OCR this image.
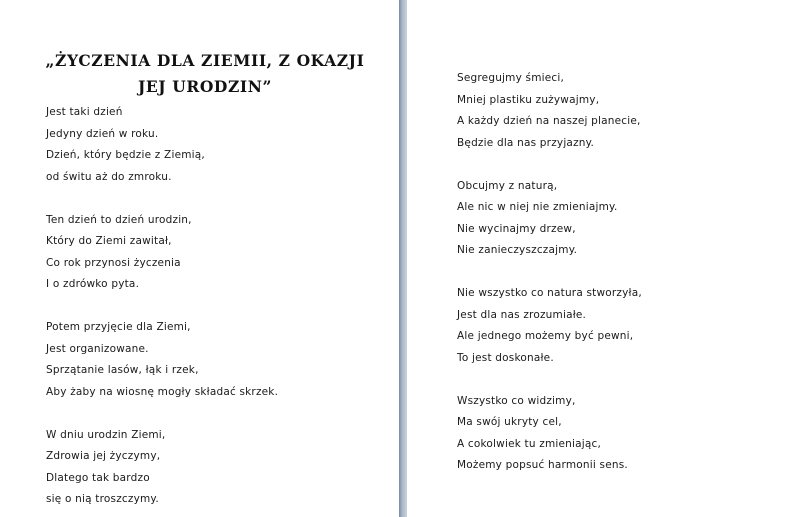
„ŻYCZENIA DLA ZIEMII, Z OKAZJI
JEJ URODZIN”
Jest taki dzień
Jedyny dzień w roku.
Dzień, który będzie z Ziemią,
od świtu aż do zmroku.
Ten dzień to dzień urodzin,
Który do Ziemi zawitał,
Co rok przynosi życzenia
I o zdrówko pyta.
Potem przyjęcie dla Ziemi,
Jest organizowane.
Sprzątanie lasów, łąk i rzek,
Aby żaby na wiosnę mogły składać skrzek.
W dniu urodzin Ziemi,
Zdrowia jej życzymy,
Dlatego tak bardzo
się o nią troszczymy.
Segregujmy śmieci,
Mniej plastiku zużywajmy,
A każdy dzień na naszej planecie,
Będzie dla nas przyjazny.
Obcujmy z naturą,
Ale nic w niej nie zmieniajmy.
Nie wycinajmy drzew,
Nie zanieczyszczajmy.
Nie wszystko co natura stworzyła,
Jest dla nas zrozumiałe.
Ale jednego możemy być pewni,
To jest doskonałe.
Wszystko co widzimy,
Ma swój ukryty cel,
A cokolwiek tu zmieniając,
Możemy popsuć harmonii sens.
